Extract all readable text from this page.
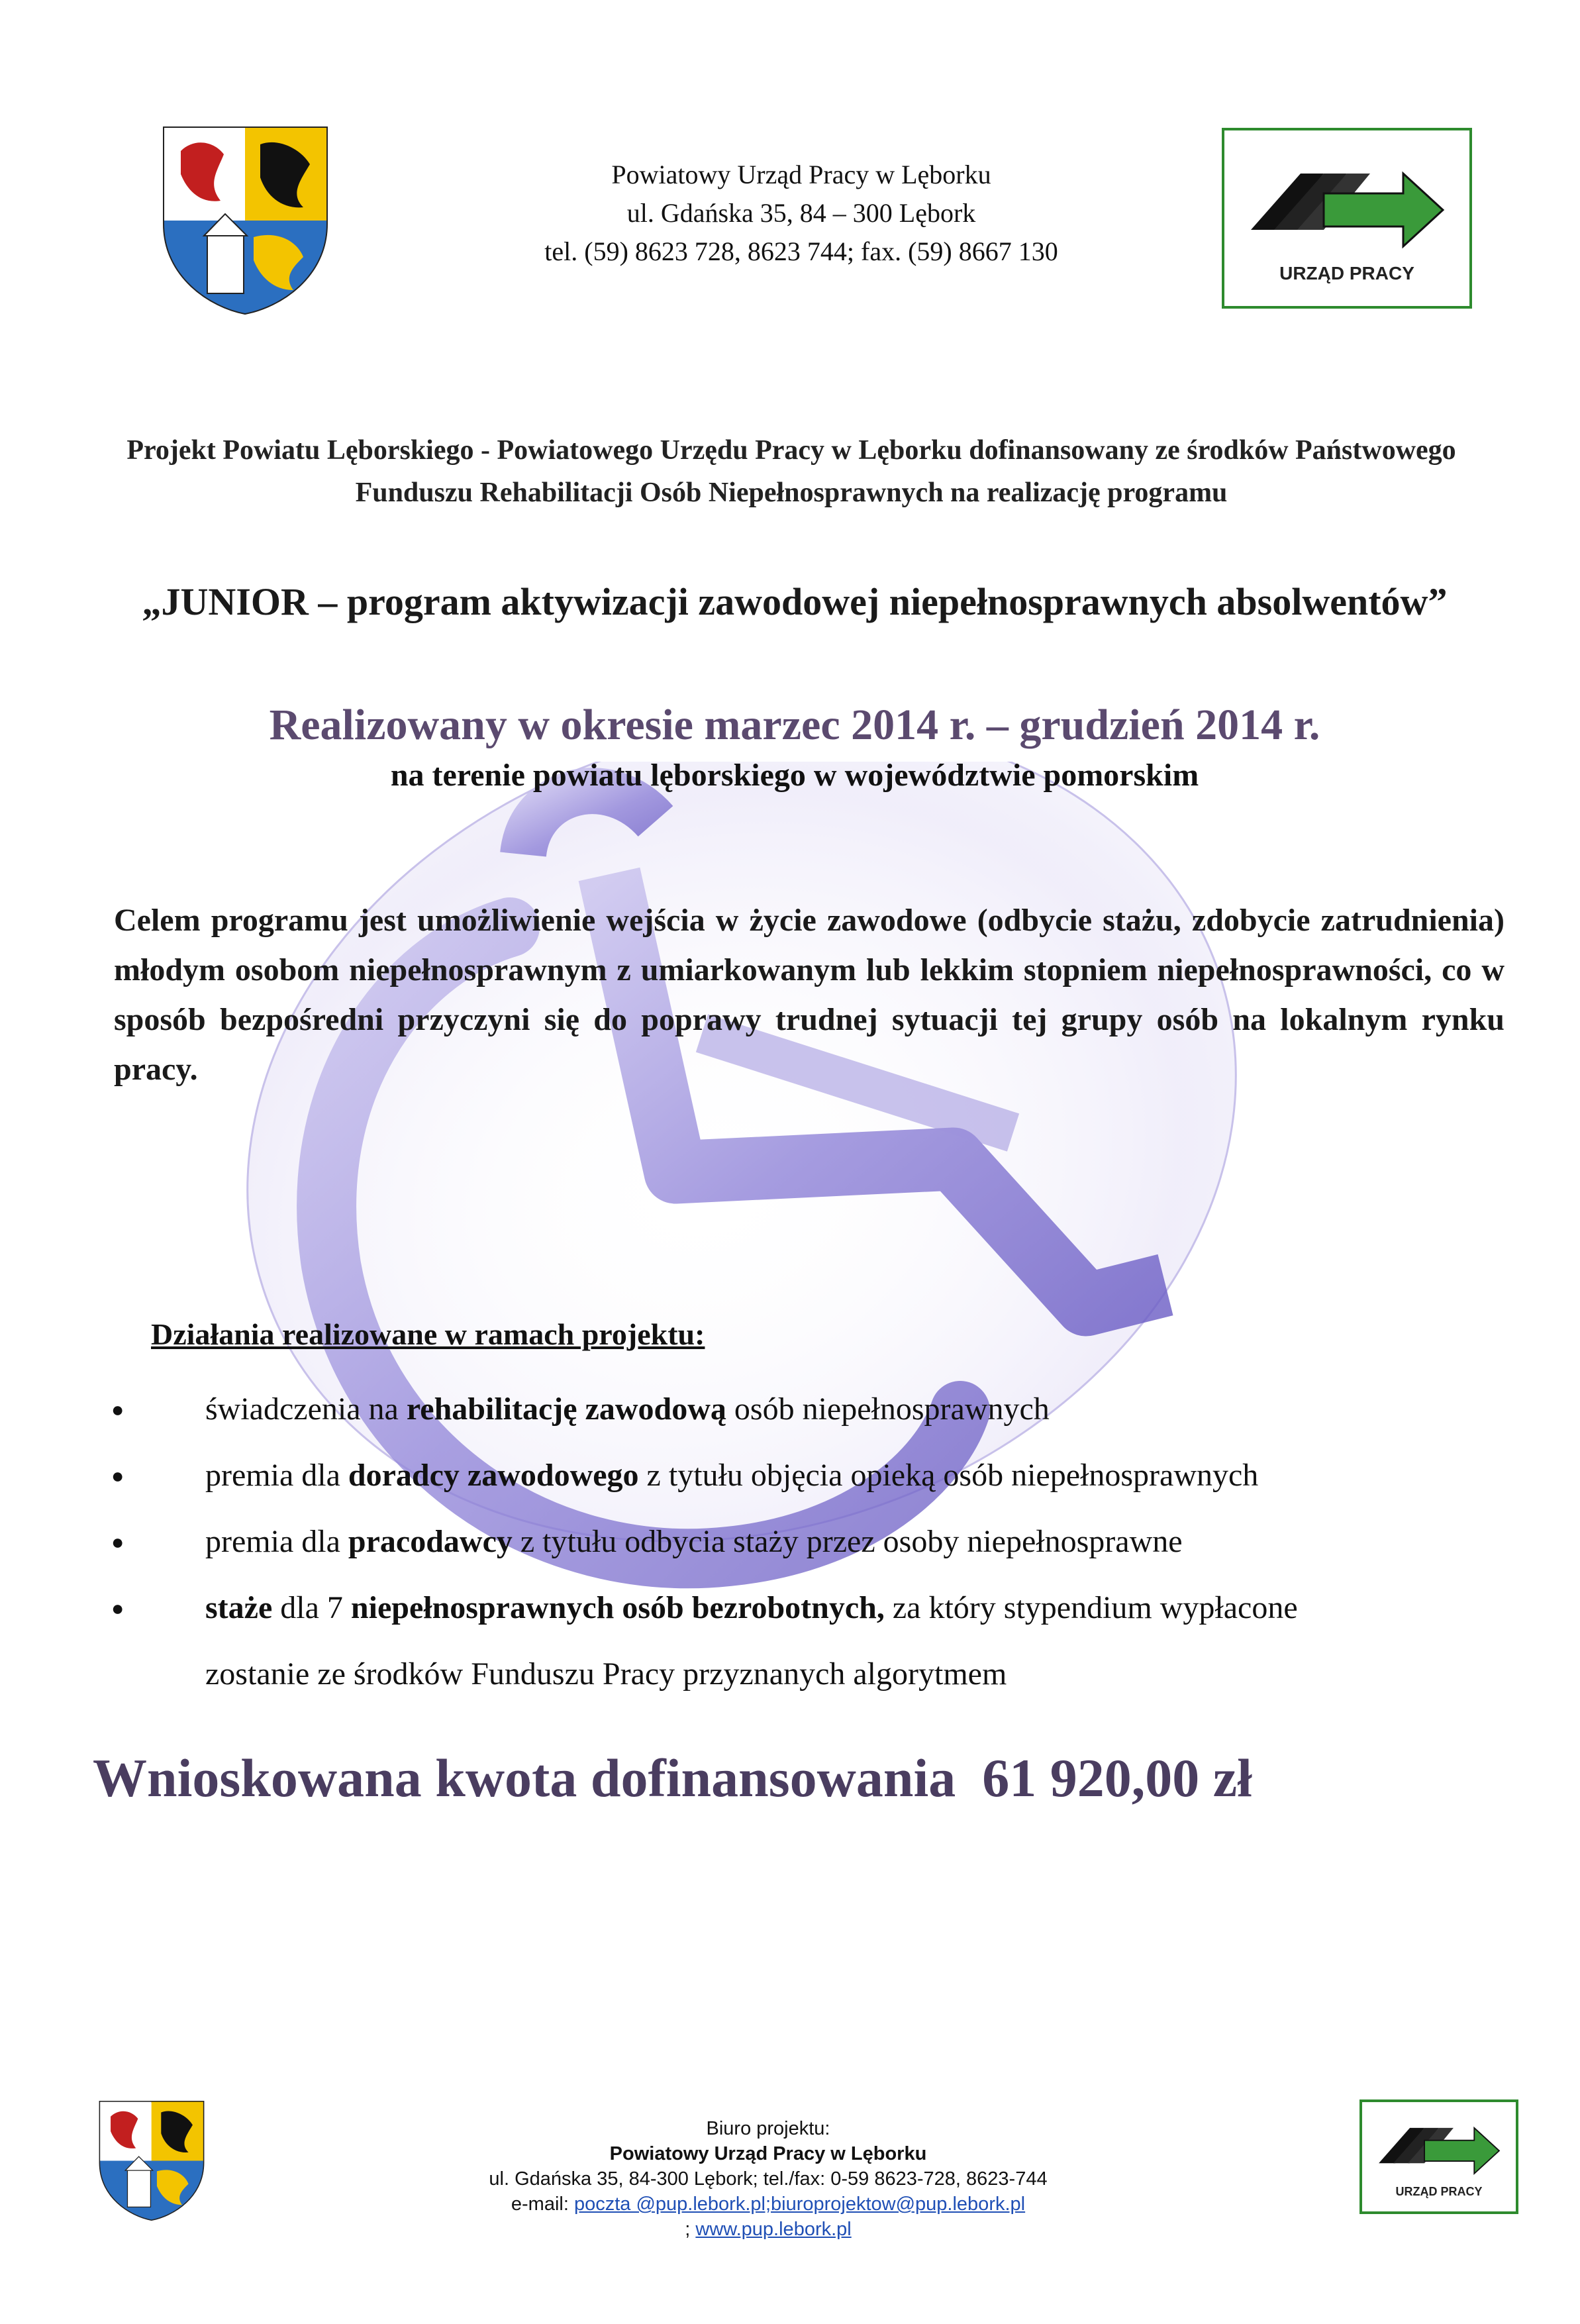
Powiatowy Urząd Pracy w Lęborku
ul. Gdańska 35, 84 – 300 Lębork
tel. (59) 8623 728, 8623 744; fax. (59) 8667 130
URZĄD PRACY
Projekt Powiatu Lęborskiego - Powiatowego Urzędu Pracy w Lęborku dofinansowany ze środków Państwowego Funduszu Rehabilitacji Osób Niepełnosprawnych na realizację programu
„JUNIOR – program aktywizacji zawodowej niepełnosprawnych absolwentów”
Realizowany w okresie marzec 2014 r. – grudzień 2014 r.
na terenie powiatu lęborskiego w województwie pomorskim
Celem programu jest umożliwienie wejścia w życie zawodowe (odbycie stażu, zdobycie zatrudnienia) młodym osobom niepełnosprawnym z umiarkowanym lub lekkim stopniem niepełnosprawności, co w sposób bezpośredni przyczyni się do poprawy trudnej sytuacji tej grupy osób na lokalnym rynku pracy.
Działania realizowane w ramach projektu:
●	świadczenia na rehabilitację zawodową osób niepełnosprawnych
●	premia dla doradcy zawodowego z tytułu objęcia opieką osób niepełnosprawnych
●	premia dla pracodawcy z tytułu odbycia staży przez osoby niepełnosprawne
●	staże dla 7 niepełnosprawnych osób bezrobotnych, za który stypendium wypłacone
zostanie ze środków Funduszu Pracy przyznanych algorytmem
Wnioskowana kwota dofinansowania 61 920,00 zł
Biuro projektu:
Powiatowy Urząd Pracy w Lęborku
ul. Gdańska 35, 84-300 Lębork; tel./fax: 0-59 8623-728, 8623-744
e-mail: poczta @pup.lebork.pl;biuroprojektow@pup.lebork.pl
; www.pup.lebork.pl
URZĄD PRACY
